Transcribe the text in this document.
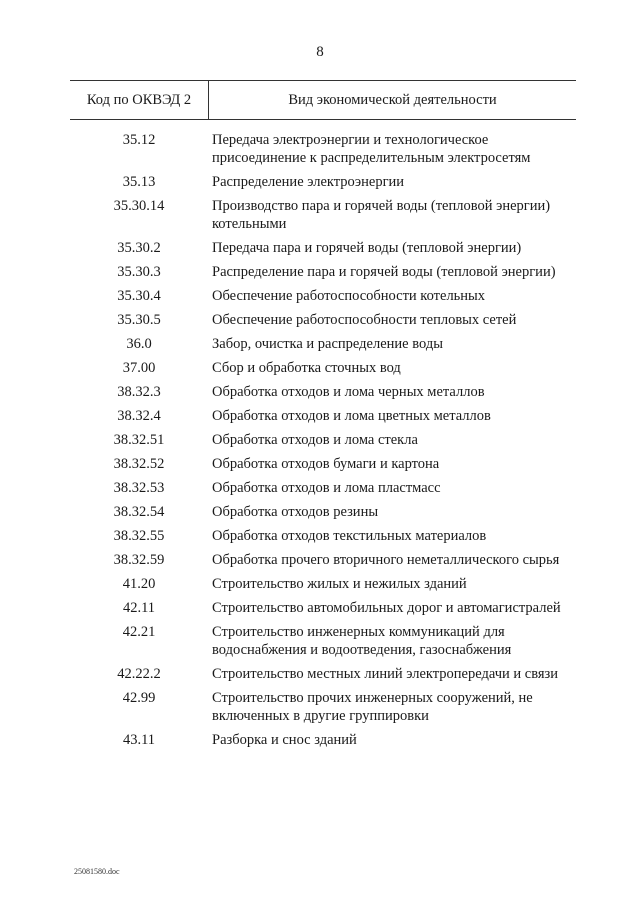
8
Код по ОКВЭД 2	Вид экономической деятельности
35.12	Передача электроэнергии и технологическое присоединение к распределительным электросетям
35.13	Распределение электроэнергии
35.30.14	Производство пара и горячей воды (тепловой энергии) котельными
35.30.2	Передача пара и горячей воды (тепловой энергии)
35.30.3	Распределение пара и горячей воды (тепловой энергии)
35.30.4	Обеспечение работоспособности котельных
35.30.5	Обеспечение работоспособности тепловых сетей
36.0	Забор, очистка и распределение воды
37.00	Сбор и обработка сточных вод
38.32.3	Обработка отходов и лома черных металлов
38.32.4	Обработка отходов и лома цветных металлов
38.32.51	Обработка отходов и лома стекла
38.32.52	Обработка отходов бумаги и картона
38.32.53	Обработка отходов и лома пластмасс
38.32.54	Обработка отходов резины
38.32.55	Обработка отходов текстильных материалов
38.32.59	Обработка прочего вторичного неметаллического сырья
41.20	Строительство жилых и нежилых зданий
42.11	Строительство автомобильных дорог и автомагистралей
42.21	Строительство инженерных коммуникаций для водоснабжения и водоотведения, газоснабжения
42.22.2	Строительство местных линий электропередачи и связи
42.99	Строительство прочих инженерных сооружений, не включенных в другие группировки
43.11	Разборка и снос зданий
25081580.doc
